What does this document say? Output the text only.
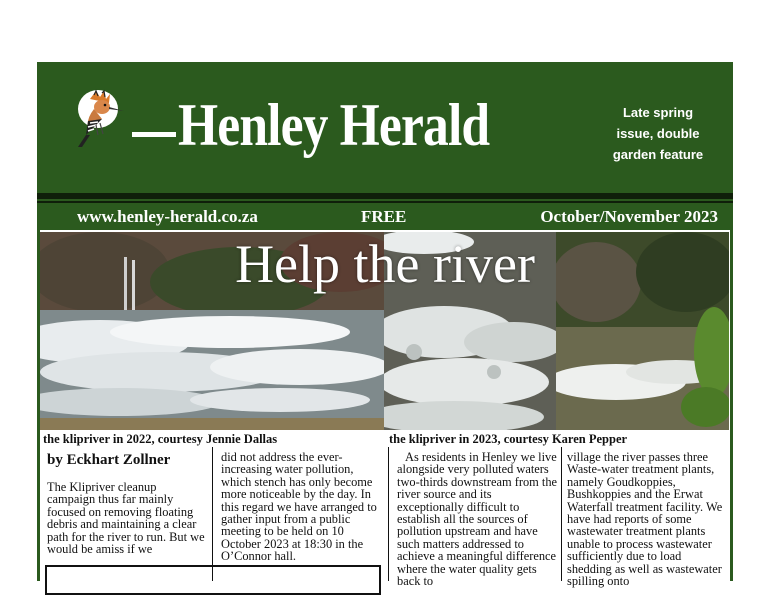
Henley Herald	Late spring issue, double garden feature
www.henley-herald.co.za	FREE	October/November 2023
Help the river
the klipriver in 2022, courtesy Jennie Dallas	the klipriver in 2023, courtesy Karen Pepper
by Eckhart Zollner

The Klipriver cleanup campaign thus far mainly focused on removing floating debris and maintaining a clear path for the river to run. But we would be amiss if we

did not address the ever-increasing water pollution, which stench has only become more noticeable by the day. In this regard we have arranged to gather input from a public meeting to be held on 10 October 2023 at 18:30 in the O’Connor hall.

As residents in Henley we live alongside very polluted waters two-thirds downstream from the river source and its exceptionally difficult to establish all the sources of pollution upstream and have such matters addressed to achieve a meaningful difference where the water quality gets back to

village the river passes three Waste-water treatment plants, namely Goudkoppies, Bushkoppies and the Erwat Waterfall treatment facility. We have had reports of some wastewater treatment plants unable to process wastewater sufficiently due to load shedding as well as wastewater spilling onto
